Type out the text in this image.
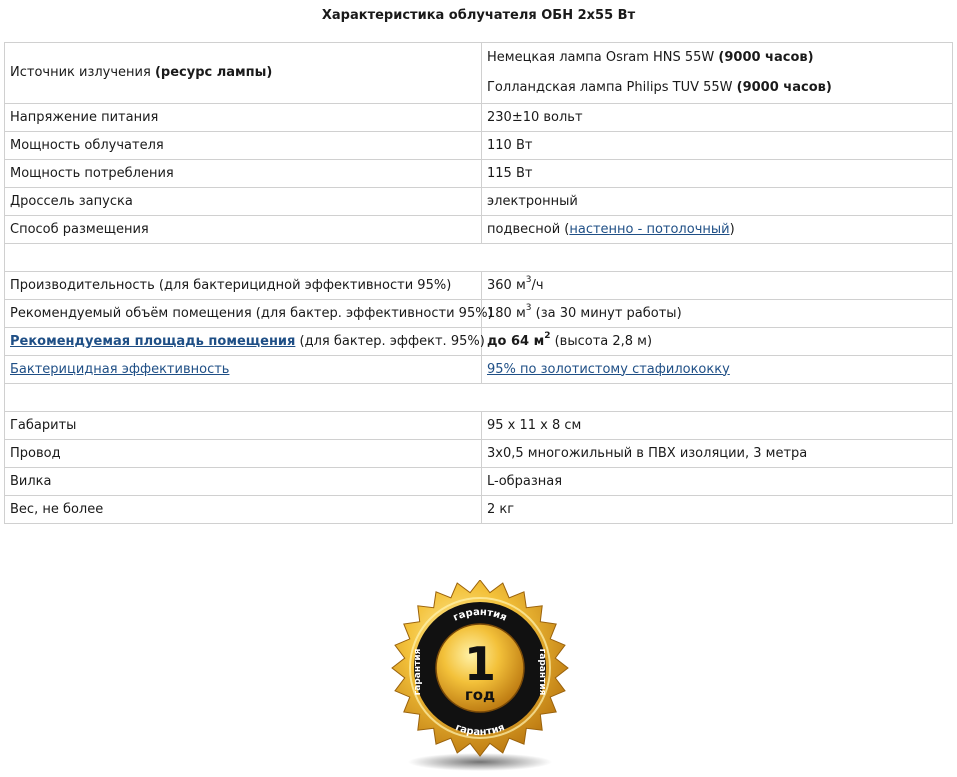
Характеристика облучателя ОБН 2х55 Вт
Источник излучения (ресурс лампы)	Немецкая лампа Osram HNS 55W (9000 часов)
Голландская лампа Philips TUV 55W (9000 часов)

Напряжение питания	230±10 вольт
Мощность облучателя	110 Вт
Мощность потребления	115 Вт
Дроссель запуска	электронный
Способ размещения	подвесной (настенно - потолочный)

Производительность (для бактерицидной эффективности 95%)	360 $м^3/ч$
Рекомендуемый объём помещения (для бактер. эффективности 95%)	180 $м^3$ (за 30 минут работы)
Рекомендуемая площадь помещения (для бактер. эффект. 95%)	до 64 $м^2$ (высота 2,8 м)
Бактерицидная эффективность	95% по золотистому стафилококку

Габариты	95 х 11 х 8 см
Провод	3х0,5 многожильный в ПВХ изоляции, 3 метра
Вилка	L-образная
Вес, не более	2 кг
гарантия
гарантия
гарантия	гарантия
1
год
